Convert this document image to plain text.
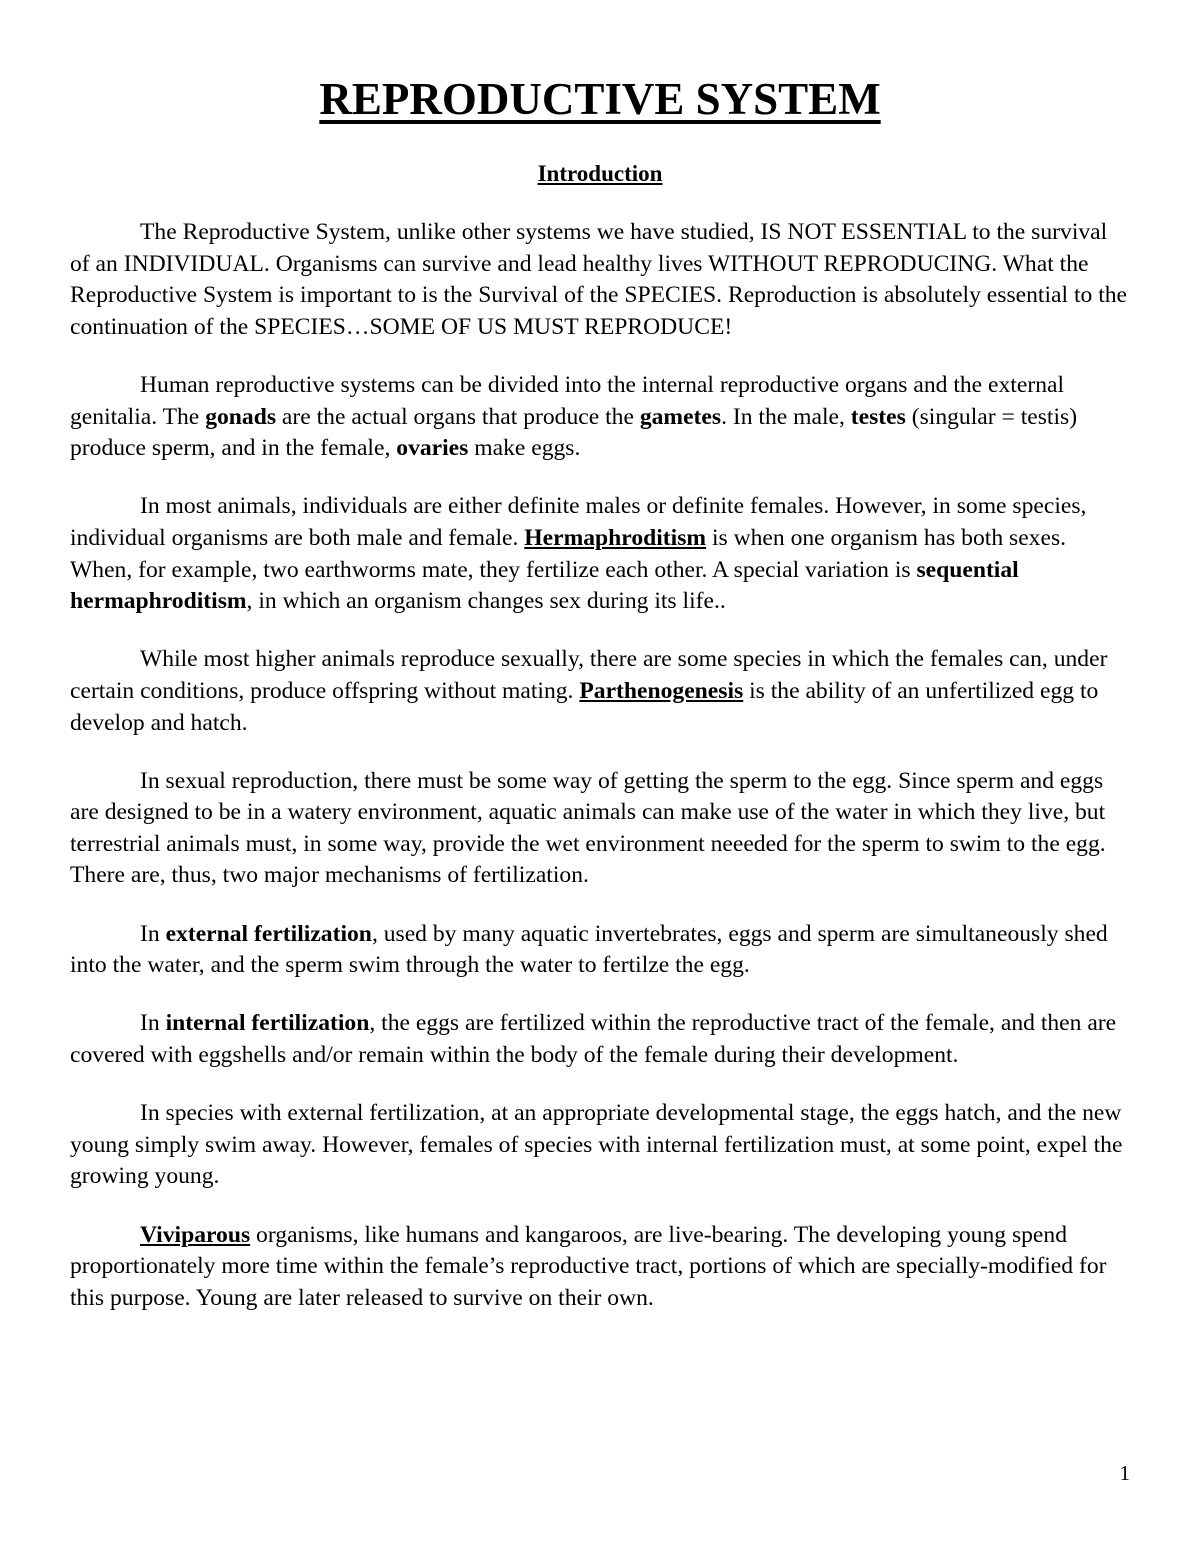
REPRODUCTIVE SYSTEM
Introduction

The Reproductive System, unlike other systems we have studied, IS NOT ESSENTIAL to the survival of an INDIVIDUAL. Organisms can survive and lead healthy lives WITHOUT REPRODUCING. What the Reproductive System is important to is the Survival of the SPECIES. Reproduction is absolutely essential to the continuation of the SPECIES…SOME OF US MUST REPRODUCE!

Human reproductive systems can be divided into the internal reproductive organs and the external genitalia. The gonads are the actual organs that produce the gametes. In the male, testes (singular = testis) produce sperm, and in the female, ovaries make eggs.

In most animals, individuals are either definite males or definite females. However, in some species, individual organisms are both male and female. Hermaphroditism is when one organism has both sexes. When, for example, two earthworms mate, they fertilize each other. A special variation is sequential hermaphroditism, in which an organism changes sex during its life..

While most higher animals reproduce sexually, there are some species in which the females can, under certain conditions, produce offspring without mating. Parthenogenesis is the ability of an unfertilized egg to develop and hatch.

In sexual reproduction, there must be some way of getting the sperm to the egg. Since sperm and eggs are designed to be in a watery environment, aquatic animals can make use of the water in which they live, but terrestrial animals must, in some way, provide the wet environment neeeded for the sperm to swim to the egg. There are, thus, two major mechanisms of fertilization.

In external fertilization, used by many aquatic invertebrates, eggs and sperm are simultaneously shed into the water, and the sperm swim through the water to fertilze the egg.

In internal fertilization, the eggs are fertilized within the reproductive tract of the female, and then are covered with eggshells and/or remain within the body of the female during their development.

In species with external fertilization, at an appropriate developmental stage, the eggs hatch, and the new young simply swim away. However, females of species with internal fertilization must, at some point, expel the growing young.

Viviparous organisms, like humans and kangaroos, are live-bearing. The developing young spend proportionately more time within the female’s reproductive tract, portions of which are specially-modified for this purpose. Young are later released to survive on their own.

1
